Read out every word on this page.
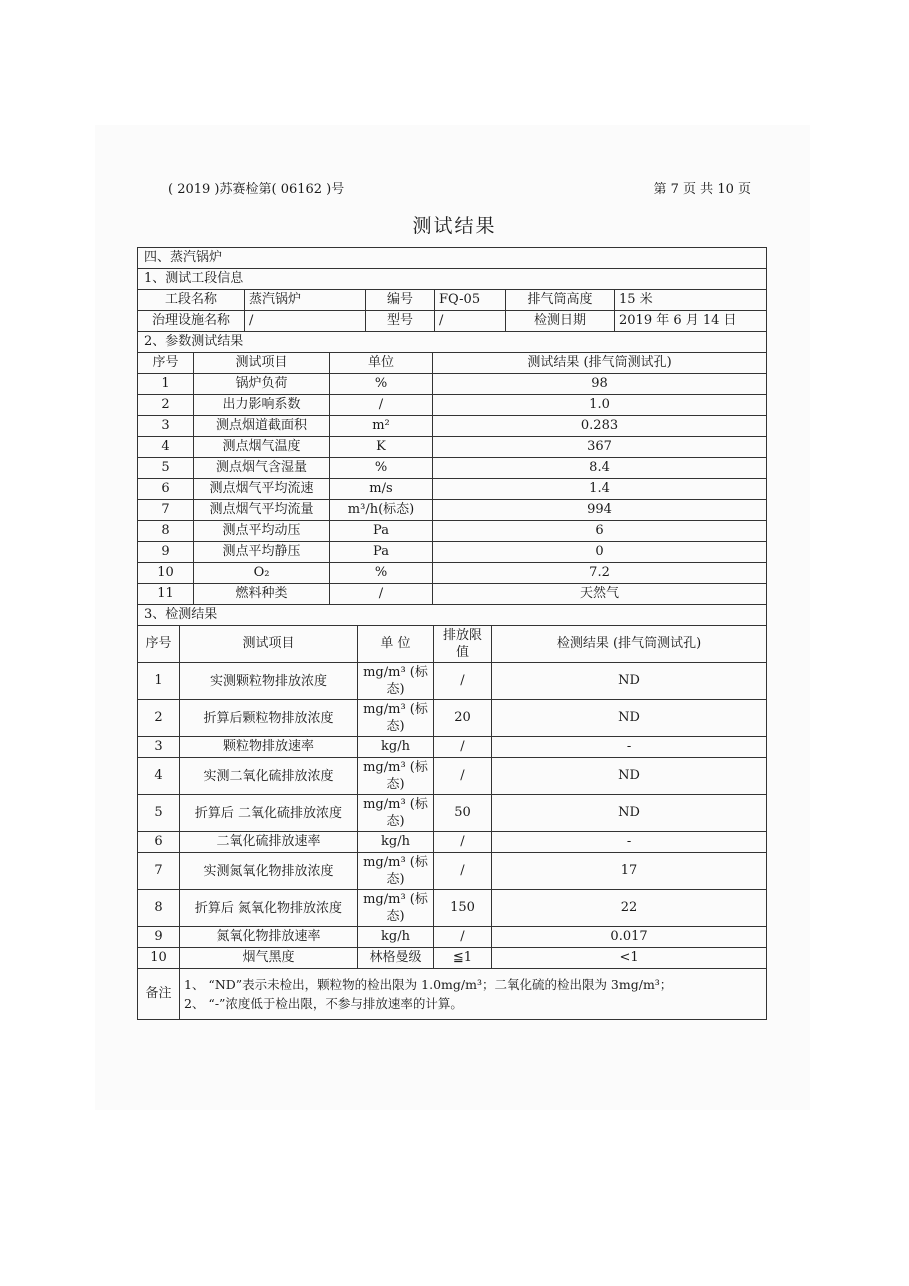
( 2019 )苏赛检第( 06162 )号	第 7 页 共 10 页
测试结果
四、蒸汽锅炉
1、测试工段信息
工段名称	蒸汽锅炉	编号	FQ-05	排气筒高度	15 米
治理设施名称	/	型号	/	检测日期	2019 年 6 月 14 日
2、参数测试结果			
序号	测试项目	单位	测试结果 (排气筒测试孔)
1	锅炉负荷	%	98
2	出力影响系数	/	1.0
3	测点烟道截面积	m²	0.283
4	测点烟气温度	K	367
5	测点烟气含湿量	%	8.4
6	测点烟气平均流速	m/s	1.4
7	测点烟气平均流量	m³/h(标态)	994
8	测点平均动压	Pa	6
9	测点平均静压	Pa	0
10	O₂	%	7.2
11	燃料种类	/	天然气
3、检测结果				
序号	测试项目	单 位	排放限值	检测结果 (排气筒测试孔)
1	实测颗粒物排放浓度	mg/m³ (标态)	/	ND
2	折算后颗粒物排放浓度	mg/m³ (标态)	20	ND
3	颗粒物排放速率	kg/h	/	-
4	实测二氧化硫排放浓度	mg/m³ (标态)	/	ND
5	折算后 二氧化硫排放浓度	mg/m³ (标态)	50	ND
6	二氧化硫排放速率	kg/h	/	-
7	实测氮氧化物排放浓度	mg/m³ (标态)	/	17
8	折算后 氮氧化物排放浓度	mg/m³ (标态)	150	22
9	氮氧化物排放速率	kg/h	/	0.017
10	烟气黑度	林格曼级	≦1	<1
备注	1、 “ND”表示未检出，颗粒物的检出限为 1.0mg/m³；二氧化硫的检出限为 3mg/m³；
2、 “-”浓度低于检出限，不参与排放速率的计算。			
